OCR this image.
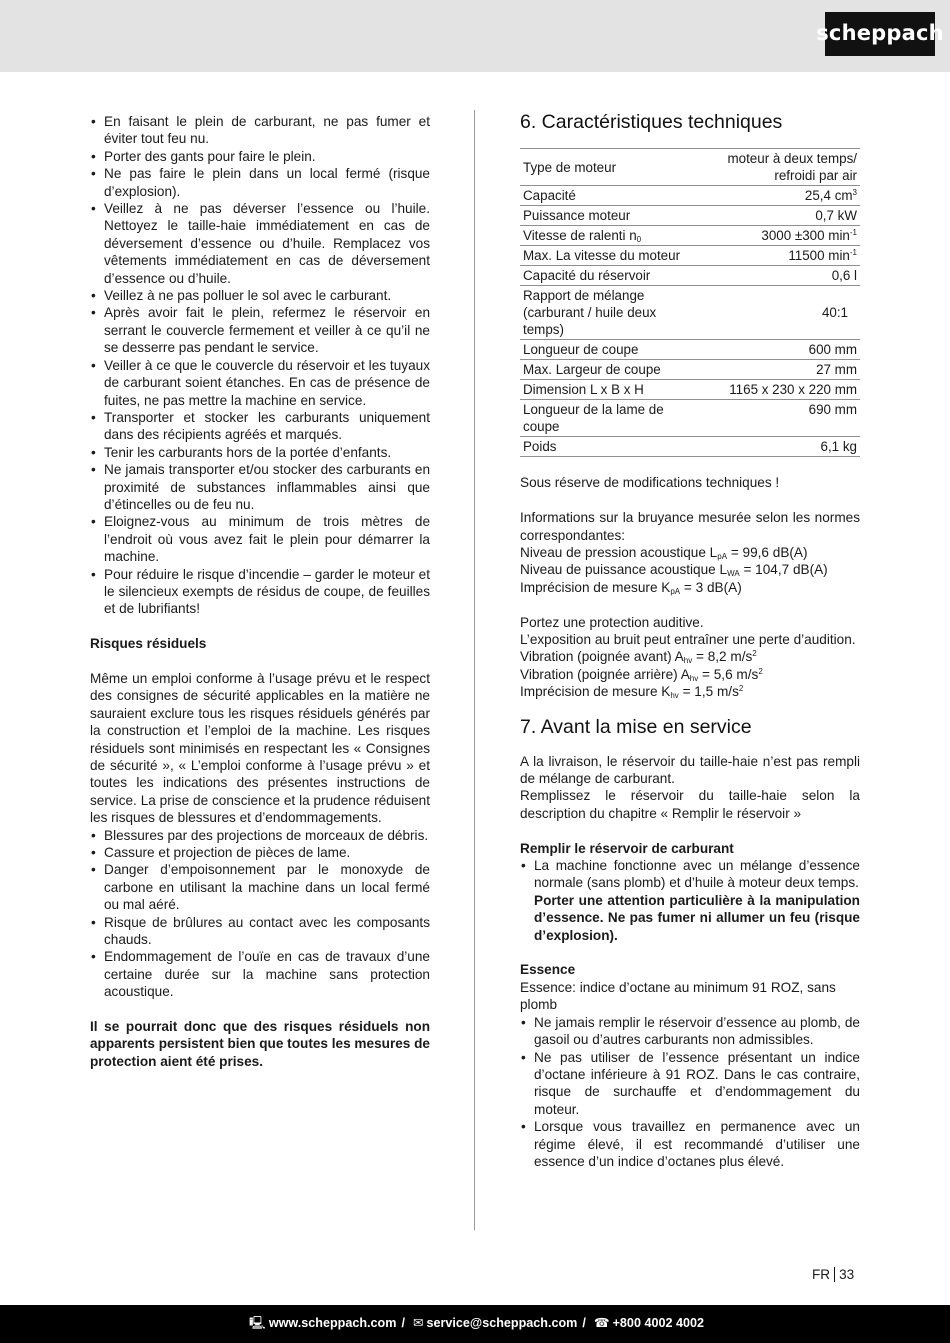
scheppach
• En faisant le plein de carburant, ne pas fumer et éviter tout feu nu.
• Porter des gants pour faire le plein.
• Ne pas faire le plein dans un local fermé (risque d’explosion).
• Veillez à ne pas déverser l’essence ou l’huile. Nettoyez le taille-haie immédiatement en cas de déversement d’essence ou d’huile. Remplacez vos vêtements immédiatement en cas de déversement d’essence ou d’huile.
• Veillez à ne pas polluer le sol avec le carburant.
• Après avoir fait le plein, refermez le réservoir en serrant le couvercle fermement et veiller à ce qu’il ne se desserre pas pendant le service.
• Veiller à ce que le couvercle du réservoir et les tuyaux de carburant soient étanches. En cas de présence de fuites, ne pas mettre la machine en service.
• Transporter et stocker les carburants uniquement dans des récipients agréés et marqués.
• Tenir les carburants hors de la portée d’enfants.
• Ne jamais transporter et/ou stocker des carburants en proximité de substances inflammables ainsi que d’étincelles ou de feu nu.
• Eloignez-vous au minimum de trois mètres de l’endroit où vous avez fait le plein pour démarrer la machine.
• Pour réduire le risque d’incendie – garder le moteur et le silencieux exempts de résidus de coupe, de feuilles et de lubrifiants!

Risques résiduels

Même un emploi conforme à l’usage prévu et le respect des consignes de sécurité applicables en la matière ne sauraient exclure tous les risques résiduels générés par la construction et l’emploi de la machine. Les risques résiduels sont minimisés en respectant les « Consignes de sécurité », « L’emploi conforme à l’usage prévu » et toutes les indications des présentes instructions de service. La prise de conscience et la prudence réduisent les risques de blessures et d’endommagements.

• Blessures par des projections de morceaux de débris.
• Cassure et projection de pièces de lame.
• Danger d’empoisonnement par le monoxyde de carbone en utilisant la machine dans un local fermé ou mal aéré.
• Risque de brûlures au contact avec les composants chauds.
• Endommagement de l’ouïe en cas de travaux d’une certaine durée sur la machine sans protection acoustique.

Il se pourrait donc que des risques résiduels non apparents persistent bien que toutes les mesures de protection aient été prises.

6. Caractéristiques techniques
Type de moteur	moteur à deux temps/ refroidi par air
Capacité	25,4 $cm^3$
Puissance moteur	0,7 kW
Vitesse de ralenti $n_0$	3000 ±300 $\min^{-1}$
Max. La vitesse du moteur	11500 $\min^{-1}$
Capacité du réservoir	0,6 l
Rapport de mélange (carburant / huile deux temps)	40:1
Longueur de coupe	600 mm
Max. Largeur de coupe	27 mm
Dimension L x B x H	1165 x 230 x 220 mm
Longueur de la lame de coupe	690 mm
Poids	6,1 kg

Sous réserve de modifications techniques !

Informations sur la bruyance mesurée selon les normes correspondantes:

Niveau de pression acoustique $L_{pA} = 99,6$ dB(A)

Niveau de puissance acoustique $L_{WA} = 104,7$ dB(A)

Imprécision de mesure $K_{pA} = 3$ dB(A)

Portez une protection auditive.

L’exposition au bruit peut entraîner une perte d’audition.

Vibration (poignée avant) $A_{hv} = 8,2$ $m/s^2$

Vibration (poignée arrière) $A_{hv} = 5,6$ $m/s^2$

Imprécision de mesure $K_{hv} = 1,5$ $m/s^2$

7. Avant la mise en service

A la livraison, le réservoir du taille-haie n’est pas rempli de mélange de carburant.

Remplissez le réservoir du taille-haie selon la description du chapitre « Remplir le réservoir »

Remplir le réservoir de carburant

• La machine fonctionne avec un mélange d’essence normale (sans plomb) et d’huile à moteur deux temps.
Porter une attention particulière à la manipulation d’essence. Ne pas fumer ni allumer un feu (risque d’explosion).

Essence

Essence: indice d’octane au minimum 91 ROZ, sans plomb

• Ne jamais remplir le réservoir d’essence au plomb, de gasoil ou d’autres carburants non admissibles.
• Ne pas utiliser de l’essence présentant un indice d’octane inférieure à 91 ROZ. Dans le cas contraire, risque de surchauffe et d’endommagement du moteur.
• Lorsque vous travaillez en permanence avec un régime élevé, il est recommandé d’utiliser une essence d’un indice d’octanes plus élevé.
FR 33
🖳 www.scheppach.com / ✉ service@scheppach.com / ☎ +800 4002 4002
